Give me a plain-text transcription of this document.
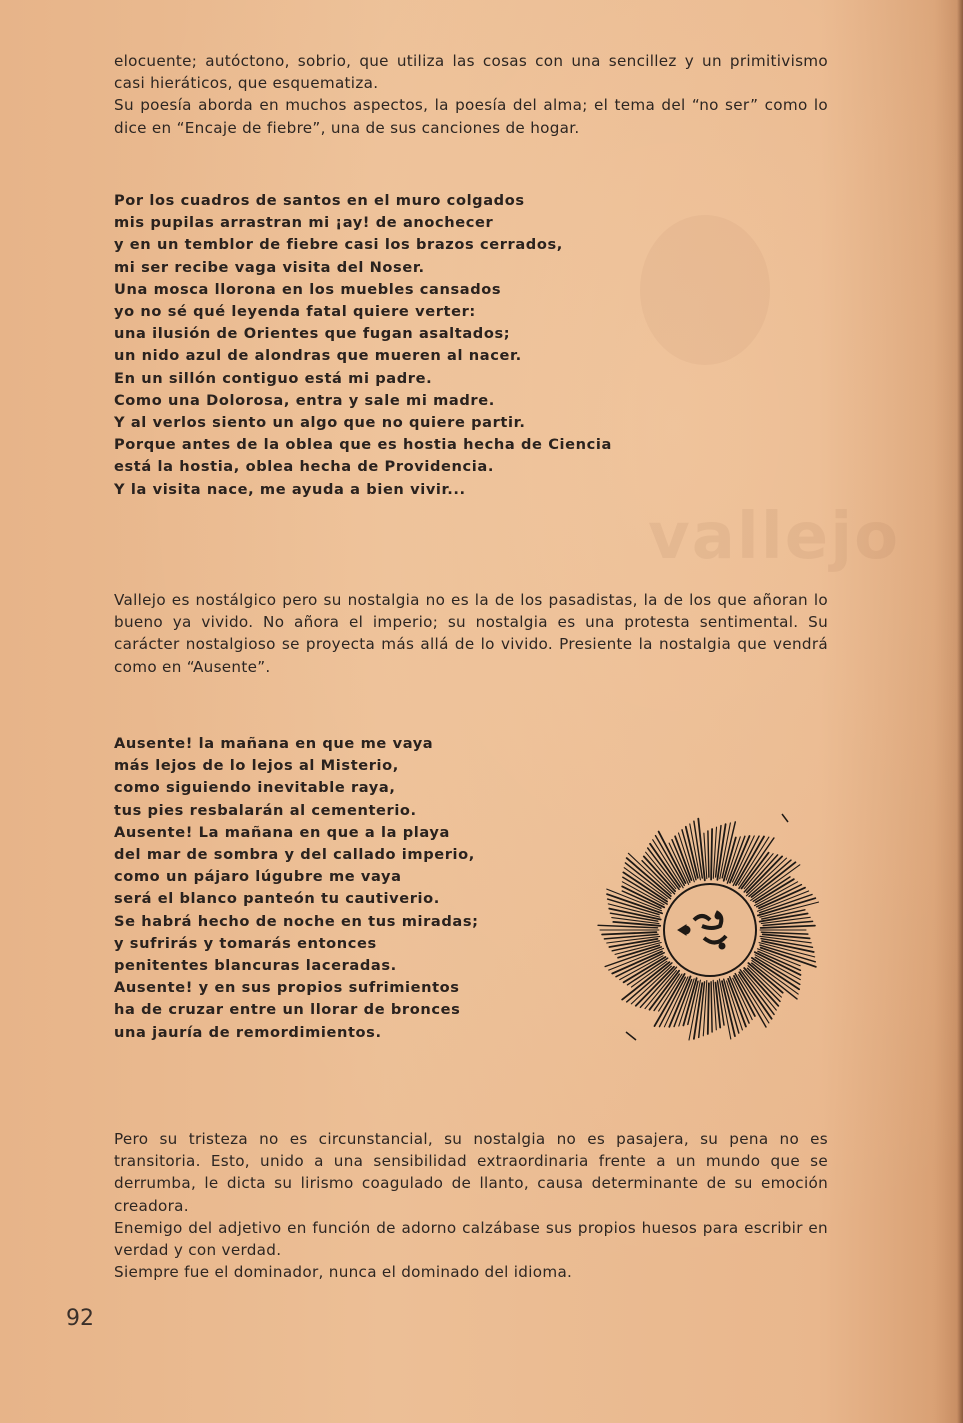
vallejo

elocuente; autóctono, sobrio, que utiliza las cosas con una sencillez y un primitivismo casi hieráticos, que esquematiza.

Su poesía aborda en muchos aspectos, la poesía del alma; el tema del “no ser” como lo dice en “Encaje de fiebre”, una de sus canciones de hogar.

Por los cuadros de santos en el muro colgados
mis pupilas arrastran mi ¡ay! de anochecer
y en un temblor de fiebre casi los brazos cerrados,
mi ser recibe vaga visita del Noser.
Una mosca llorona en los muebles cansados
yo no sé qué leyenda fatal quiere verter:
una ilusión de Orientes que fugan asaltados;
un nido azul de alondras que mueren al nacer.
En un sillón contiguo está mi padre.
Como una Dolorosa, entra y sale mi madre.
Y al verlos siento un algo que no quiere partir.
Porque antes de la oblea que es hostia hecha de Ciencia
está la hostia, oblea hecha de Providencia.
Y la visita nace, me ayuda a bien vivir...

Vallejo es nostálgico pero su nostalgia no es la de los pasadistas, la de los que añoran lo bueno ya vivido. No añora el imperio; su nostalgia es una protesta sentimental. Su carácter nostalgioso se proyecta más allá de lo vivido. Presiente la nostalgia que vendrá como en “Ausente”.

Ausente! la mañana en que me vaya
más lejos de lo lejos al Misterio,
como siguiendo inevitable raya,
tus pies resbalarán al cementerio.
Ausente! La mañana en que a la playa
del mar de sombra y del callado imperio,
como un pájaro lúgubre me vaya
será el blanco panteón tu cautiverio.
Se habrá hecho de noche en tus miradas;
y sufrirás y tomarás entonces
penitentes blancuras laceradas.
Ausente! y en sus propios sufrimientos
ha de cruzar entre un llorar de bronces
una jauría de remordimientos.

Pero su tristeza no es circunstancial, su nostalgia no es pasajera, su pena no es transitoria. Esto, unido a una sensibilidad extraordinaria frente a un mundo que se derrumba, le dicta su lirismo coagulado de llanto, causa determinante de su emoción creadora.

Enemigo del adjetivo en función de adorno calzábase sus propios huesos para escribir en verdad y con verdad.

Siempre fue el dominador, nunca el dominado del idioma.

92
